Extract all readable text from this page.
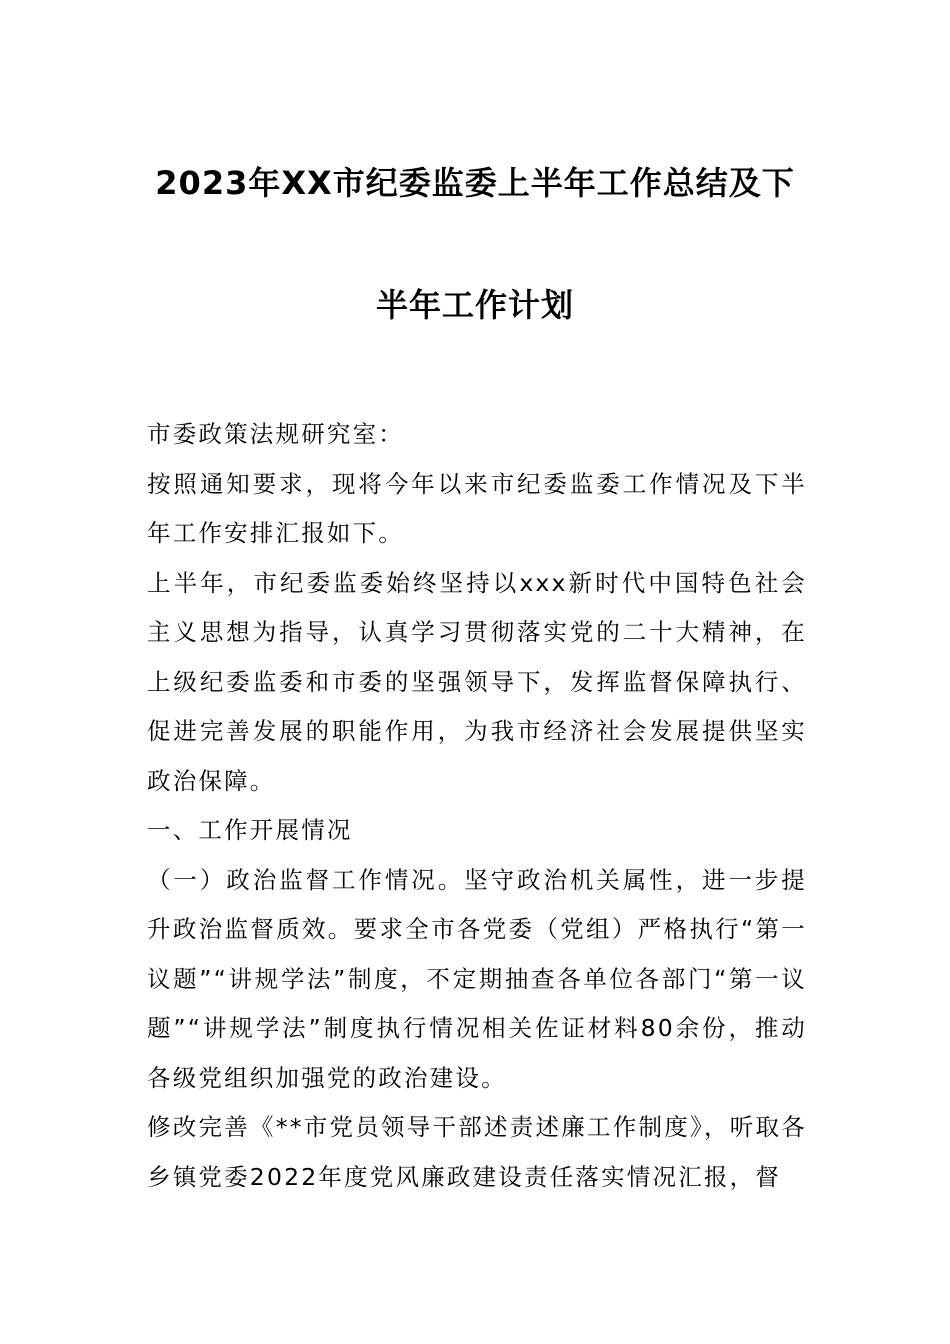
2023年XX市纪委监委上半年工作总结及下
半年工作计划

市委政策法规研究室：

按照通知要求，现将今年以来市纪委监委工作情况及下半年工作安排汇报如下。

上半年，市纪委监委始终坚持以xxx新时代中国特色社会主义思想为指导，认真学习贯彻落实党的二十大精神，在上级纪委监委和市委的坚强领导下，发挥监督保障执行、促进完善发展的职能作用，为我市经济社会发展提供坚实政治保障。

一、工作开展情况

（一）政治监督工作情况。坚守政治机关属性，进一步提升政治监督质效。要求全市各党委（党组）严格执行“第一议题”“讲规学法”制度，不定期抽查各单位各部门“第一议题”“讲规学法”制度执行情况相关佐证材料80余份，推动各级党组织加强党的政治建设。

修改完善《**市党员领导干部述责述廉工作制度》，听取各乡镇党委2022年度党风廉政建设责任落实情况汇报，督
